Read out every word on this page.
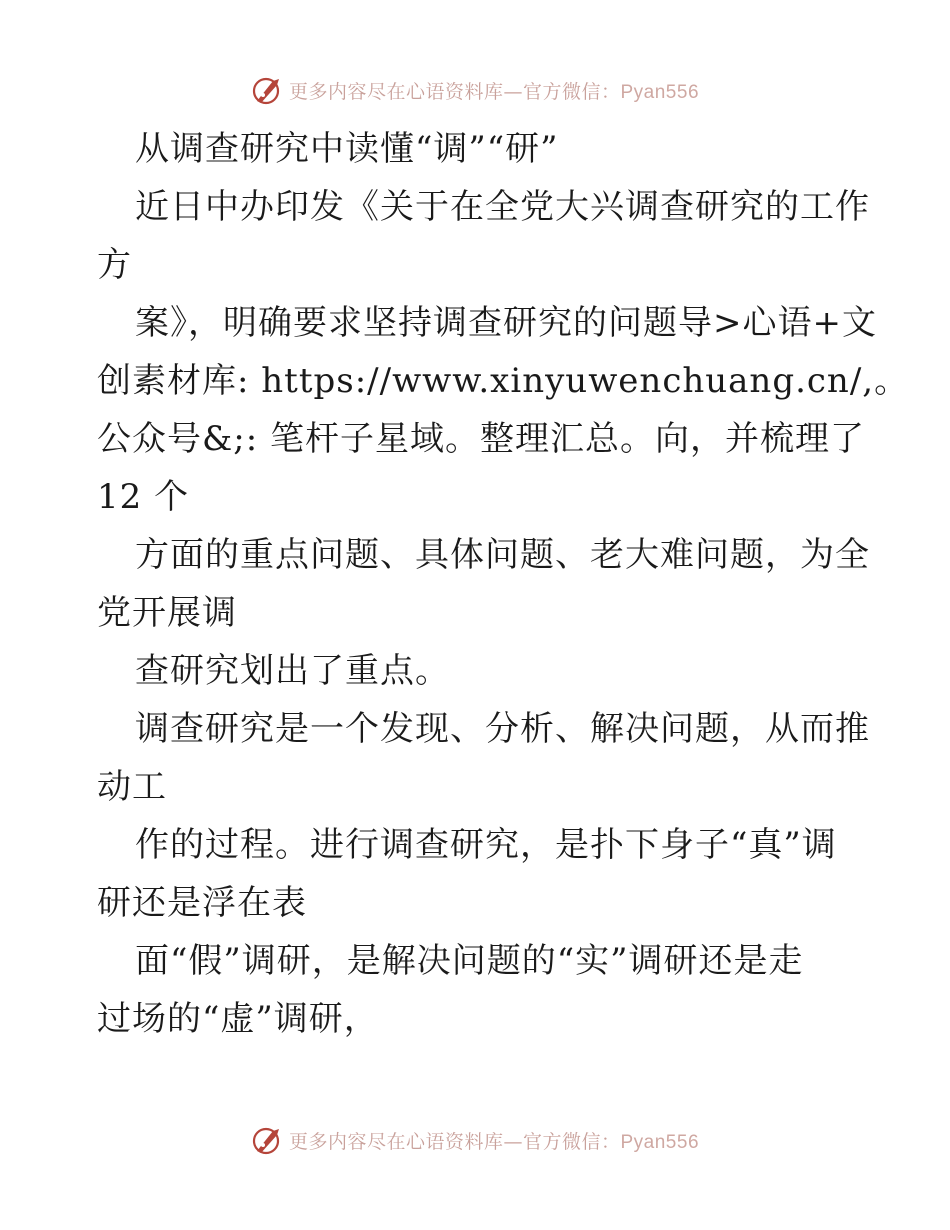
更多内容尽在心语资料库—官方微信：Pyan556
从调查研究中读懂“调”“研”
近日中办印发《关于在全党大兴调查研究的工作
方
案》，明确要求坚持调查研究的问题导>心语+文
创素材库: https://www.xinyuwenchuang.cn/,。
公众号&;: 笔杆子星域。整理汇总。向，并梳理了
12 个
方面的重点问题、具体问题、老大难问题，为全
党开展调
查研究划出了重点。
调查研究是一个发现、分析、解决问题，从而推
动工
作的过程。进行调查研究，是扑下身子“真”调
研还是浮在表
面“假”调研，是解决问题的“实”调研还是走
过场的“虚”调研，
更多内容尽在心语资料库—官方微信：Pyan556
